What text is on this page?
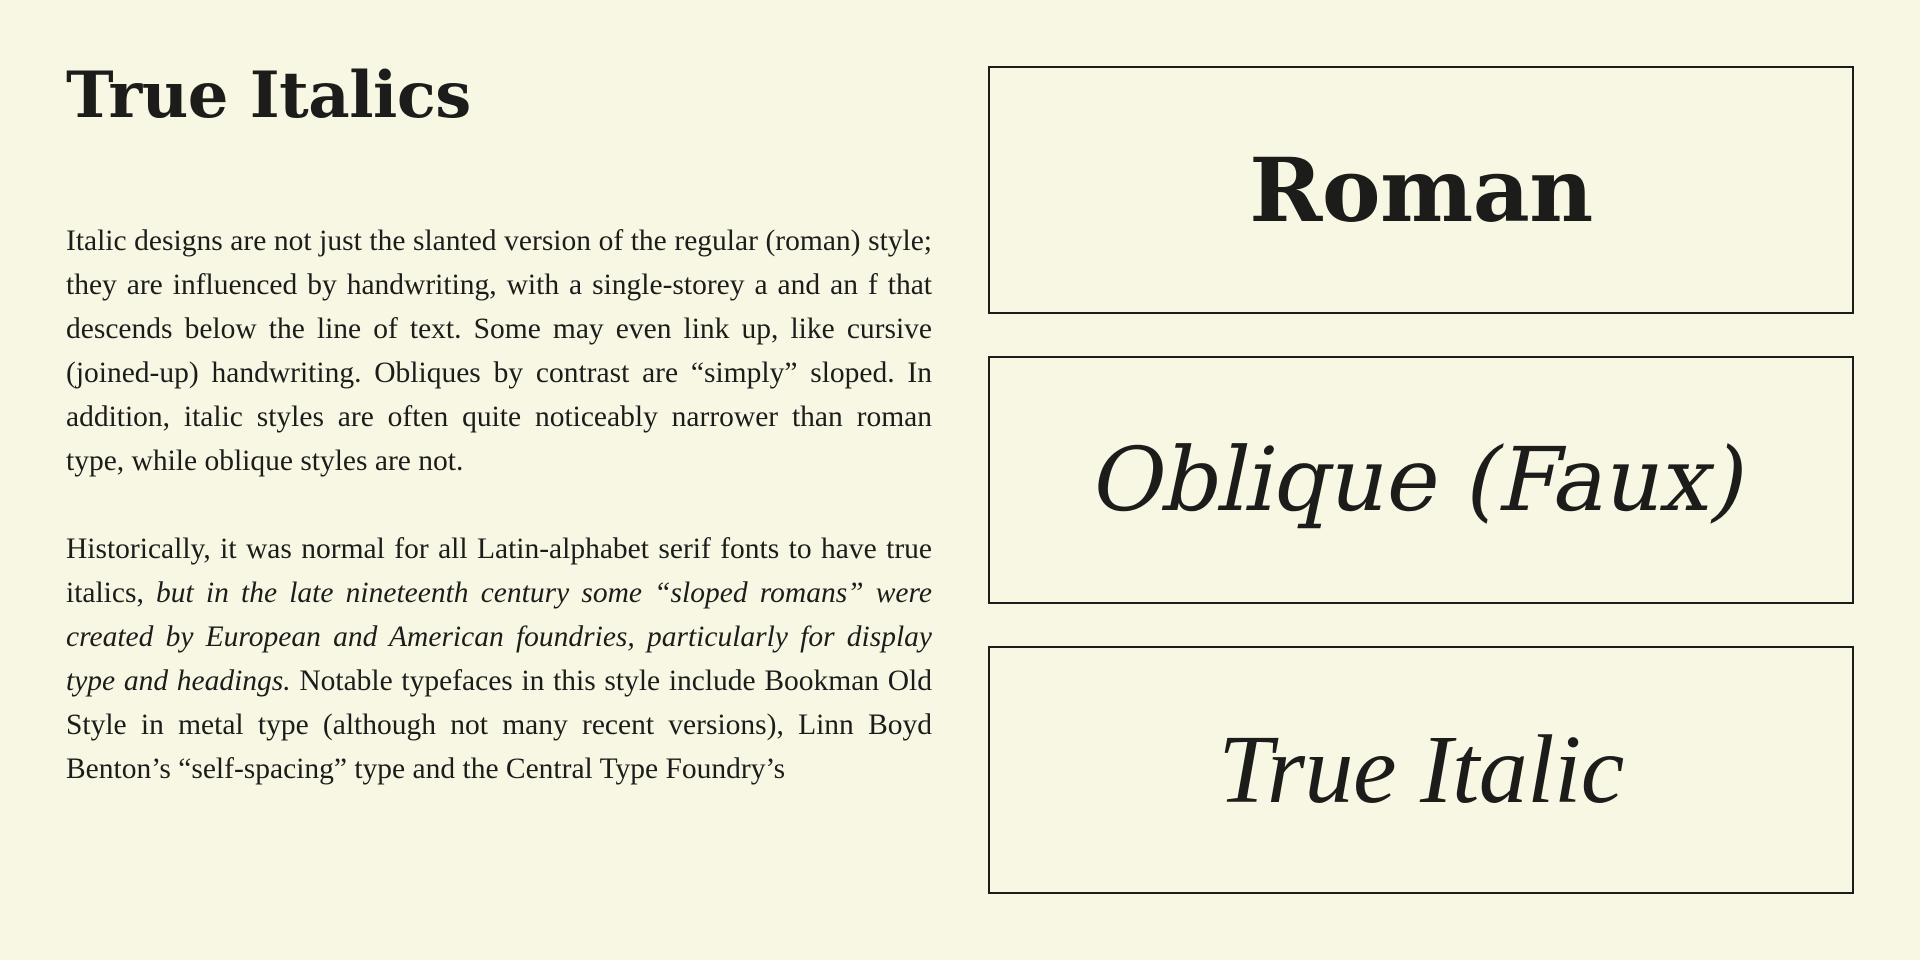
True Italics

Italic designs are not just the slanted version of the regular (roman) style; they are influenced by handwriting, with a single-storey a and an f that descends below the line of text. Some may even link up, like cursive (joined-up) handwriting. Obliques by contrast are “simply” sloped. In addition, italic styles are often quite noticeably narrower than roman type, while oblique styles are not.

Historically, it was normal for all Latin-alphabet serif fonts to have true italics, but in the late nineteenth century some “sloped romans” were created by European and American foundries, particularly for display type and headings. Notable typefaces in this style include Bookman Old Style in metal type (although not many recent versions), Linn Boyd Benton’s “self-spacing” type and the Central Type Foundry’s

Roman
Oblique (Faux)
True Italic
